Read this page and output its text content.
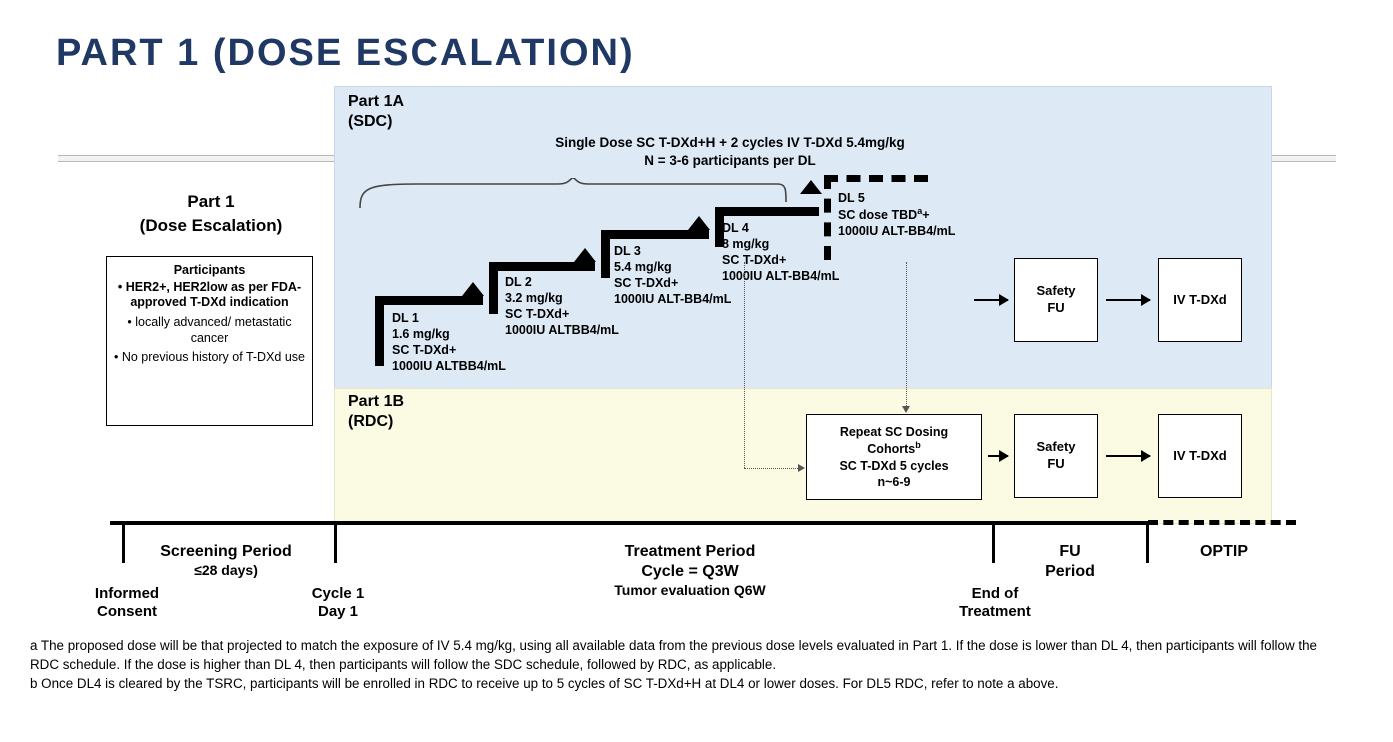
PART 1 (DOSE ESCALATION)
Part 1A
(SDC)
Part 1B
(RDC)
Part 1
(Dose Escalation)
Participants
• HER2+, HER2low as per FDA-approved T-DXd indication
• locally advanced/ metastatic cancer
• No previous history of T-DXd use
Single Dose SC T-DXd+H + 2 cycles IV T-DXd 5.4mg/kg
N = 3-6 participants per DL
DL 1
1.6 mg/kg
SC T-DXd+
1000IU ALTBB4/mL
DL 2
3.2 mg/kg
SC T-DXd+
1000IU ALTBB4/mL
DL 3
5.4 mg/kg
SC T-DXd+
1000IU ALT-BB4/mL
DL 4
8 mg/kg
SC T-DXd+
1000IU ALT-BB4/mL
DL 5
SC dose $TBD^a+$
1000IU ALT-BB4/mL
Safety
FU
IV T-DXd
Repeat SC Dosing
Cohorts$^b$
SC T-DXd 5 cycles
n~6-9
Safety
FU
IV T-DXd
Screening Period
≤28 days)
Treatment Period
Cycle = Q3W
Tumor evaluation Q6W
FU
Period
OPTIP
Informed
Consent
Cycle 1
Day 1
End of
Treatment

a The proposed dose will be that projected to match the exposure of IV 5.4 mg/kg, using all available data from the previous dose levels evaluated in Part 1. If the dose is lower than DL 4, then participants will follow the RDC schedule. If the dose is higher than DL 4, then participants will follow the SDC schedule, followed by RDC, as applicable.

b Once DL4 is cleared by the TSRC, participants will be enrolled in RDC to receive up to 5 cycles of SC T-DXd+H at DL4 or lower doses. For DL5 RDC, refer to note a above.
